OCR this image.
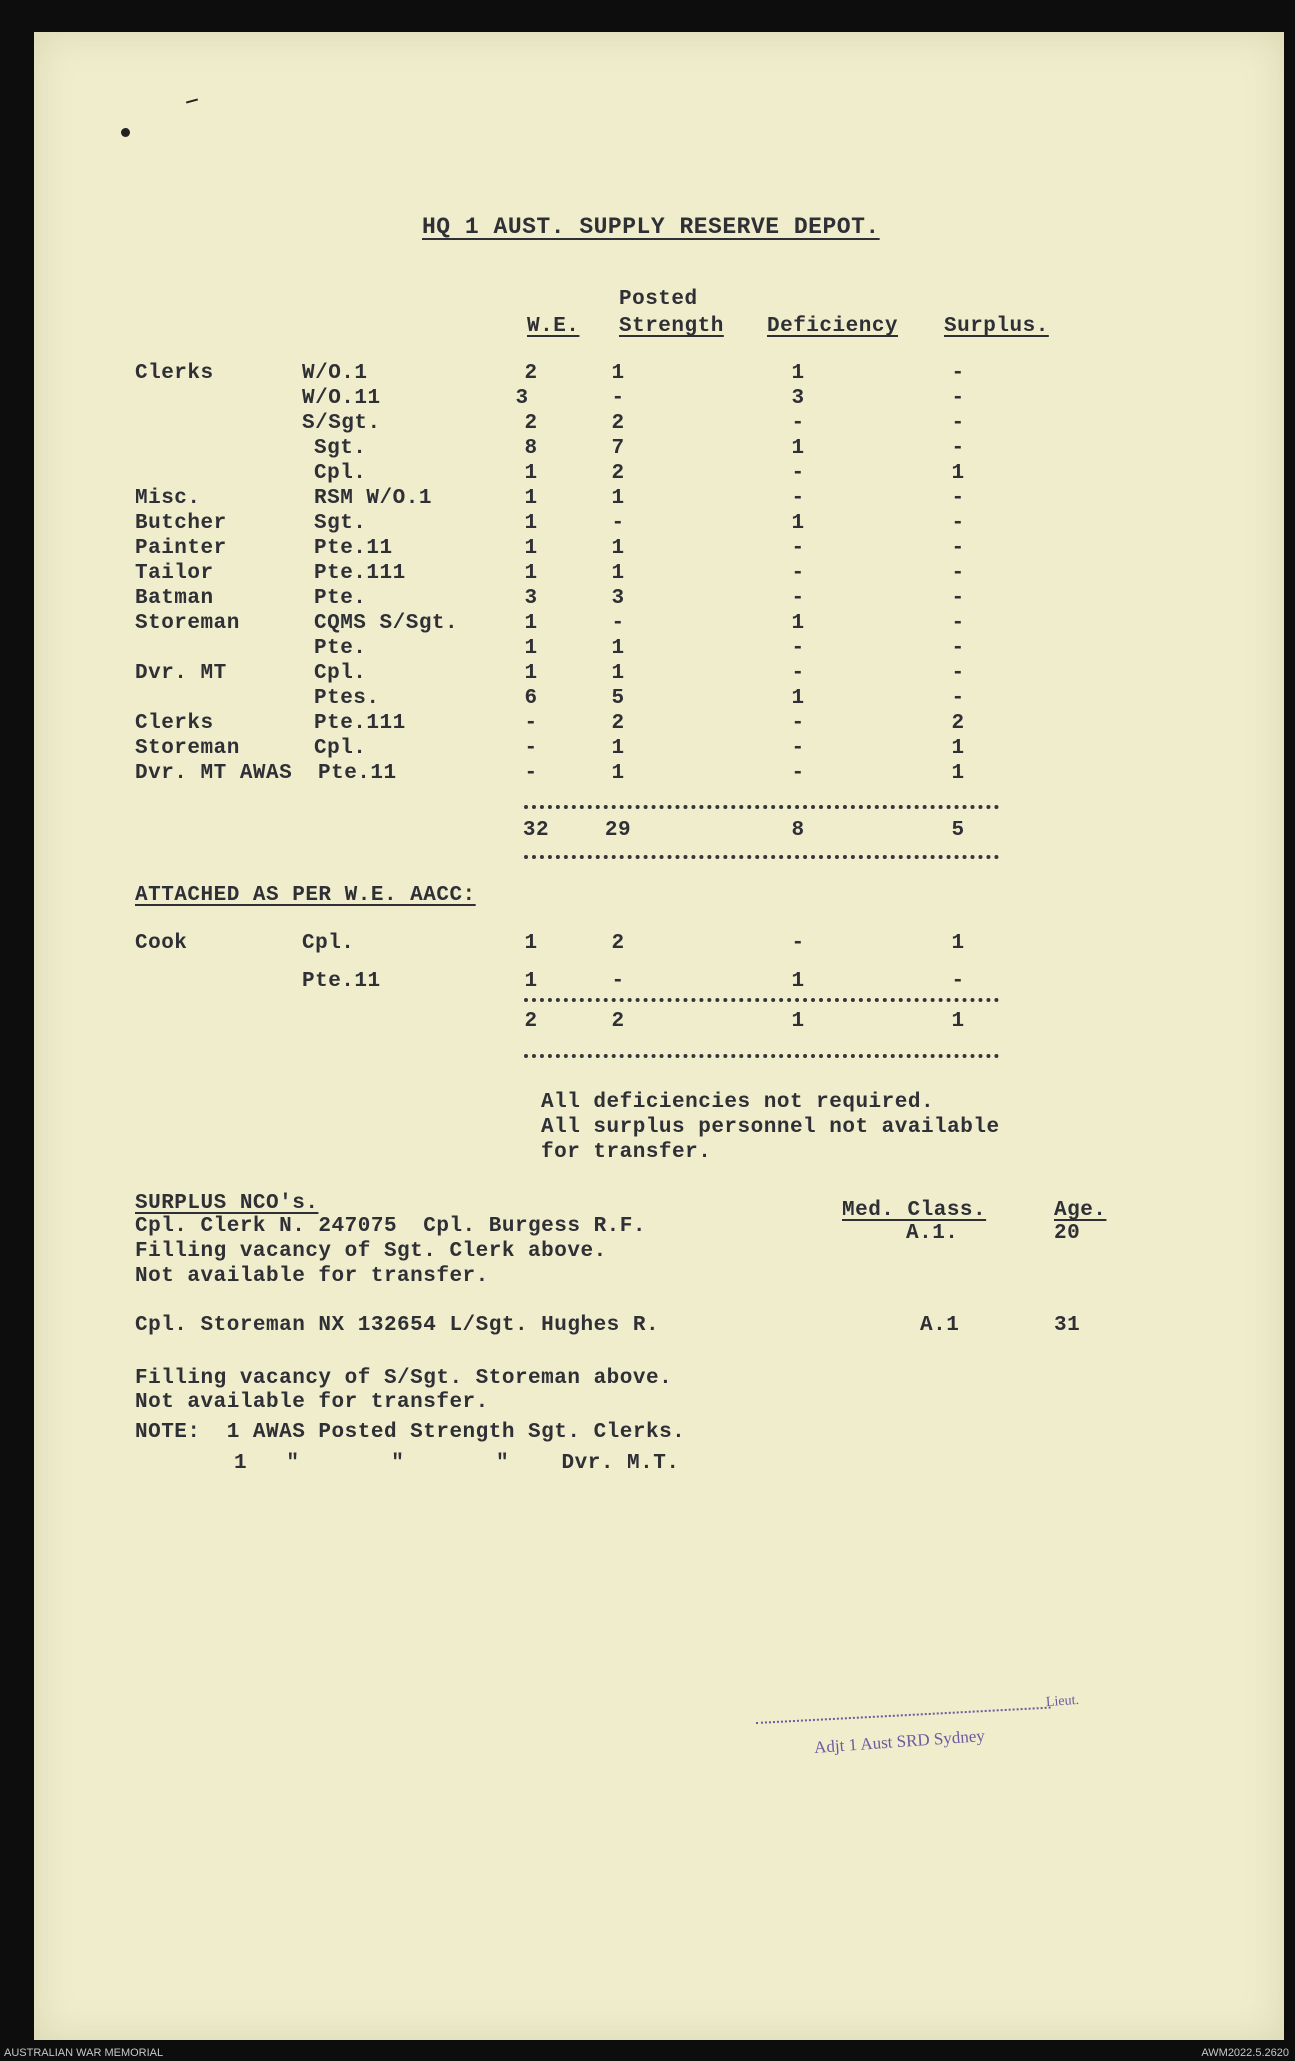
HQ 1 AUST. SUPPLY RESERVE DEPOT.
Posted
W.E. Strength Deficiency Surplus.
Clerks	W/O.1	2	1	1	-
W/O.11	3	-	3	-
S/Sgt.	2	2	-	-
Sgt.	8	7	1	-
Cpl.	1	2	-	1
Misc.	RSM W/O.1	1	1	-	-
Butcher	Sgt.	1	-	1	-
Painter	Pte.11	1	1	-	-
Tailor	Pte.111	1	1	-	-
Batman	Pte.	3	3	-	-
Storeman	CQMS S/Sgt.	1	-	1	-
Pte.	1	1	-	-
Dvr. MT	Cpl.	1	1	-	-
Ptes.	6	5	1	-
Clerks	Pte.111	-	2	-	2
Storeman	Cpl.	-	1	-	1
Dvr. MT AWAS Pte.11	-	1	-	1
32	29	8	5
ATTACHED AS PER W.E. AACC:
Cook	Cpl.	1	2	-	1
Pte.11	1	-	1	-
2	2	1	1
All deficiencies not required.
All surplus personnel not available
for transfer.
SURPLUS NCO's.	Med. Class.	Age.
Cpl. Clerk N. 247075  Cpl. Burgess R.F.	A.1.	20
Filling vacancy of Sgt. Clerk above.
Not available for transfer.
Cpl. Storeman NX 132654 L/Sgt. Hughes R.	A.1	31
Filling vacancy of S/Sgt. Storeman above.
Not available for transfer.
NOTE:  1 AWAS Posted Strength Sgt. Clerks.
1   "       "       "    Dvr. M.T.
Lieut.
Adjt 1 Aust SRD Sydney
AUSTRALIAN WAR MEMORIAL	AWM2022.5.2620
